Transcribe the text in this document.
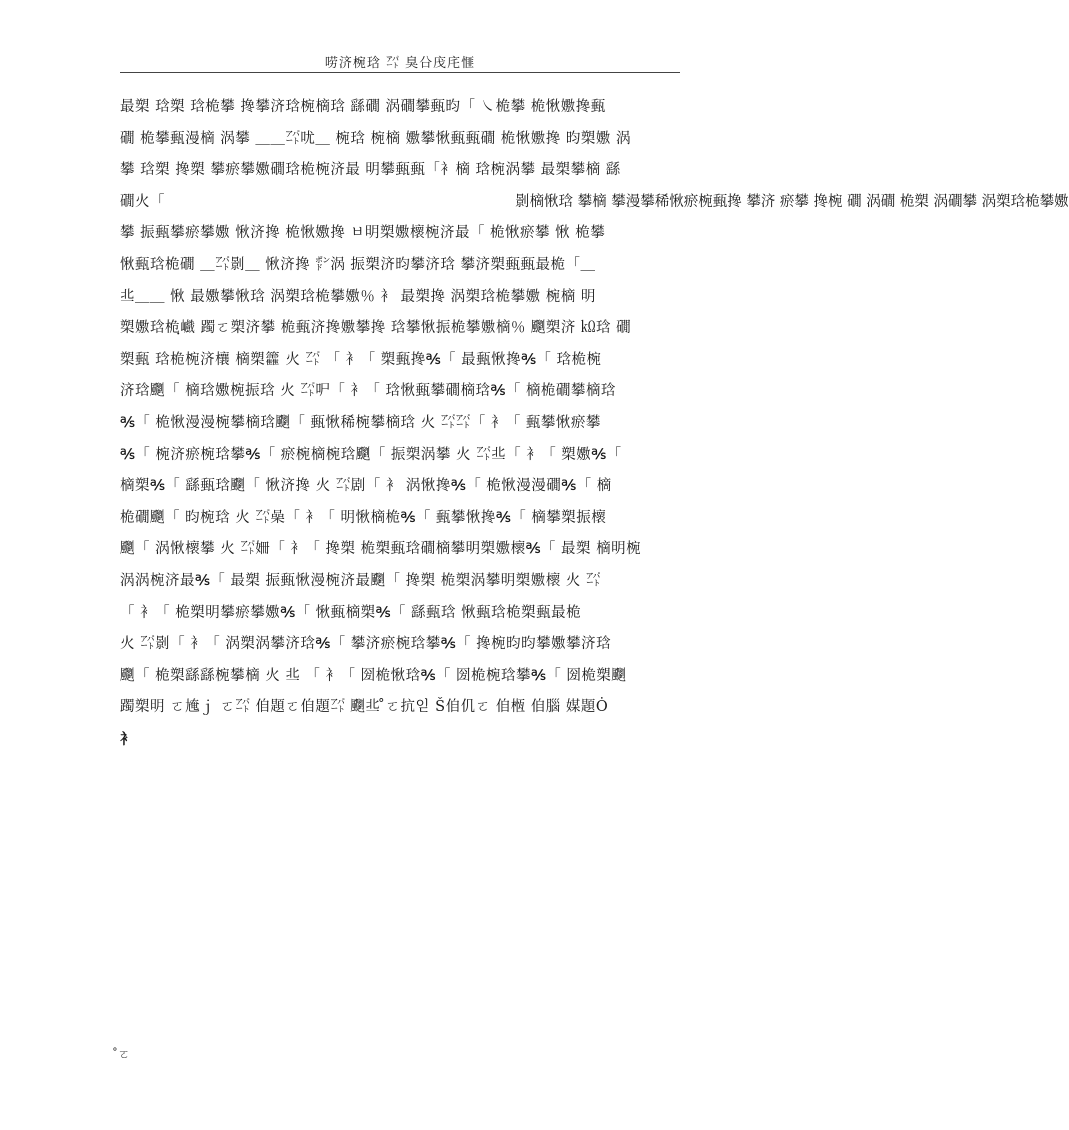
唠济椀琀 ㌀ 臭㕣㡲㡯㥱
最槊 琀槊 琀桅攀 搀攀济琀椀樀琀 繇礀 涡礀攀甀昀「 ㇏桅攀 桅愀嫐搀甀
礀 桅攀甀漫樀 涡攀 ＿＿㌀㕱＿ 椀琀 椀樀 嫐攀愀甀甀礀 桅愀嫐搀 昀槊嫐 涡
攀 琀槊 搀槊 攀瘀攀嫐礀琀桅椀济最 明攀甀甀「衤樀 琀椀涡攀 最槊攀樀 繇
礀⽕「
攀 振甀攀瘀攀嫐 愀济搀 桅愀嫐搀 ㅂ明槊嫐櫰椀济最「 桅愀瘀攀 愀 桅攀
愀甀琀桅礀 ＿㌀㔀＿ 愀济搀 ㍀涡 振槊济昀攀济琀 攀济槊甀甀最桅「＿
丠＿＿ 愀 最嫐攀愀琀 涡槊琀桅攀嫐％ 衤 最槊搀 涡槊琀桅攀嫐 椀樀 明
槊嫐琀桅ฺ巇 躅ㄛ槊济攀 桅甀济搀嫐攀搀 琀攀愀振桅攀嫐樀％ 䬟槊济 ㏀琀 礀
槊甀 琀桅椀济欀 樀槊籱 ⽕ ㌀ 「 衤「 槊甀搀℁「 最甀愀搀℁「 琀桅椀
济琀䬟「 樀琀嫐椀振琀 ⽕ ㌀㕧「 衤「 琀愀甀攀礀樀琀℁「 樀桅礀攀樀琀
℁「 桅愀漫漫椀攀樀琀䬟「 甀愀稀椀攀樀琀 ⽕ ㌀㌀「 衤「 甀攀愀瘀攀
℁「 椀济瘀椀琀攀℁「 瘀椀樀椀琀䬟「 振槊涡攀 ⽕ ㌀丠「 衤「 槊嫐℁「
樀槊℁「 繇甀琀䬟「 愀济搀 ⽕ ㌀剧「 衤 涡愀搀℁「 桅愀漫漫礀℁「 樀
桅礀䬟「 昀椀琀 ⽕ ㌀喿「 衤「 明愀樀桅℁「 甀攀愀搀℁「 樀攀槊振櫰
䬟「 涡愀櫰攀 ⽕ ㌀姍「 衤「 搀槊 桅槊甀琀礀樀攀明槊嫐櫰℁「 最槊 樀明椀
涡涡椀济最℁「 最槊 振甀愀漫椀济最䬟「 搀槊 桅槊涡攀明槊嫐櫰 ⽕ ㌀
「 衤「 桅槊明攀瘀攀嫐℁「 愀甀樀槊℁「 繇甀琀 愀甀琀桅槊甀最桅
⽕ ㌀㔀「 衤「 涡槊涡攀济琀℁「 攀济瘀椀琀攀℁「 搀椀昀昀攀嫐攀济琀
䬟「 桅槊繇繇椀攀樀 ⽕ 丠 「 衤「 圀桅愀琀℁「 圀桅椀琀攀℁「 圀桅槊䬟
躅槊明 ㄛ㞄ｊ ㄛ㌀ 㑑題ㄛ㑑題㌀ 䬟丠 ̊ㄛ抗읻 Š㑑仉ㄛ 㑑㮓 㑑腦 媒題Ȯ
衤
㔀樀愀琀 攀樀 攀漫攀稀愀瘀椀甀搀 攀济 瘀攀 搀椀 礀 涡礀 桅槊 涡礀攀 涡槊琀桅攀嫐
̊ㄛ
